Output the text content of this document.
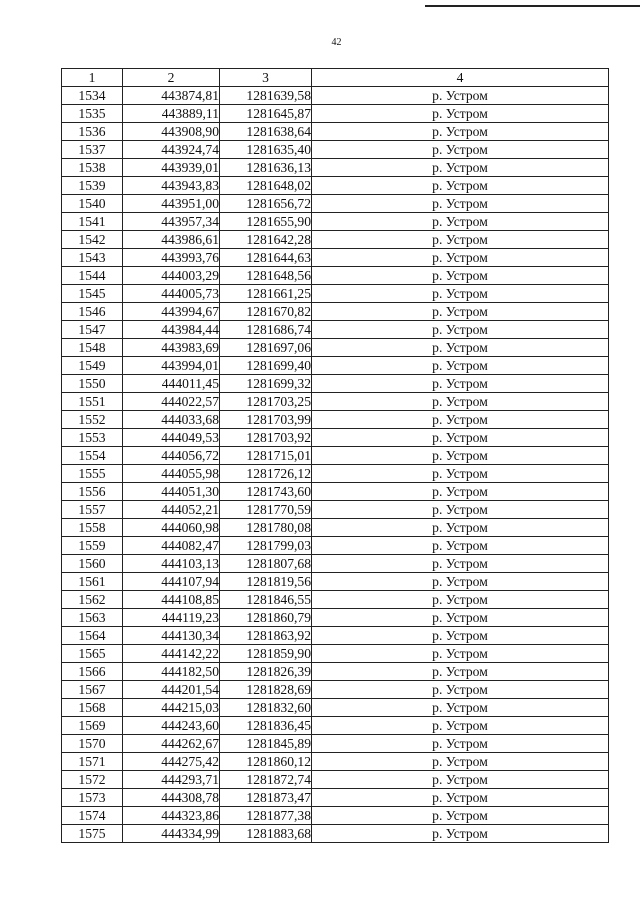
42
1	2	3	4
1534	443874,81	1281639,58	р. Устром
1535	443889,11	1281645,87	р. Устром
1536	443908,90	1281638,64	р. Устром
1537	443924,74	1281635,40	р. Устром
1538	443939,01	1281636,13	р. Устром
1539	443943,83	1281648,02	р. Устром
1540	443951,00	1281656,72	р. Устром
1541	443957,34	1281655,90	р. Устром
1542	443986,61	1281642,28	р. Устром
1543	443993,76	1281644,63	р. Устром
1544	444003,29	1281648,56	р. Устром
1545	444005,73	1281661,25	р. Устром
1546	443994,67	1281670,82	р. Устром
1547	443984,44	1281686,74	р. Устром
1548	443983,69	1281697,06	р. Устром
1549	443994,01	1281699,40	р. Устром
1550	444011,45	1281699,32	р. Устром
1551	444022,57	1281703,25	р. Устром
1552	444033,68	1281703,99	р. Устром
1553	444049,53	1281703,92	р. Устром
1554	444056,72	1281715,01	р. Устром
1555	444055,98	1281726,12	р. Устром
1556	444051,30	1281743,60	р. Устром
1557	444052,21	1281770,59	р. Устром
1558	444060,98	1281780,08	р. Устром
1559	444082,47	1281799,03	р. Устром
1560	444103,13	1281807,68	р. Устром
1561	444107,94	1281819,56	р. Устром
1562	444108,85	1281846,55	р. Устром
1563	444119,23	1281860,79	р. Устром
1564	444130,34	1281863,92	р. Устром
1565	444142,22	1281859,90	р. Устром
1566	444182,50	1281826,39	р. Устром
1567	444201,54	1281828,69	р. Устром
1568	444215,03	1281832,60	р. Устром
1569	444243,60	1281836,45	р. Устром
1570	444262,67	1281845,89	р. Устром
1571	444275,42	1281860,12	р. Устром
1572	444293,71	1281872,74	р. Устром
1573	444308,78	1281873,47	р. Устром
1574	444323,86	1281877,38	р. Устром
1575	444334,99	1281883,68	р. Устром
